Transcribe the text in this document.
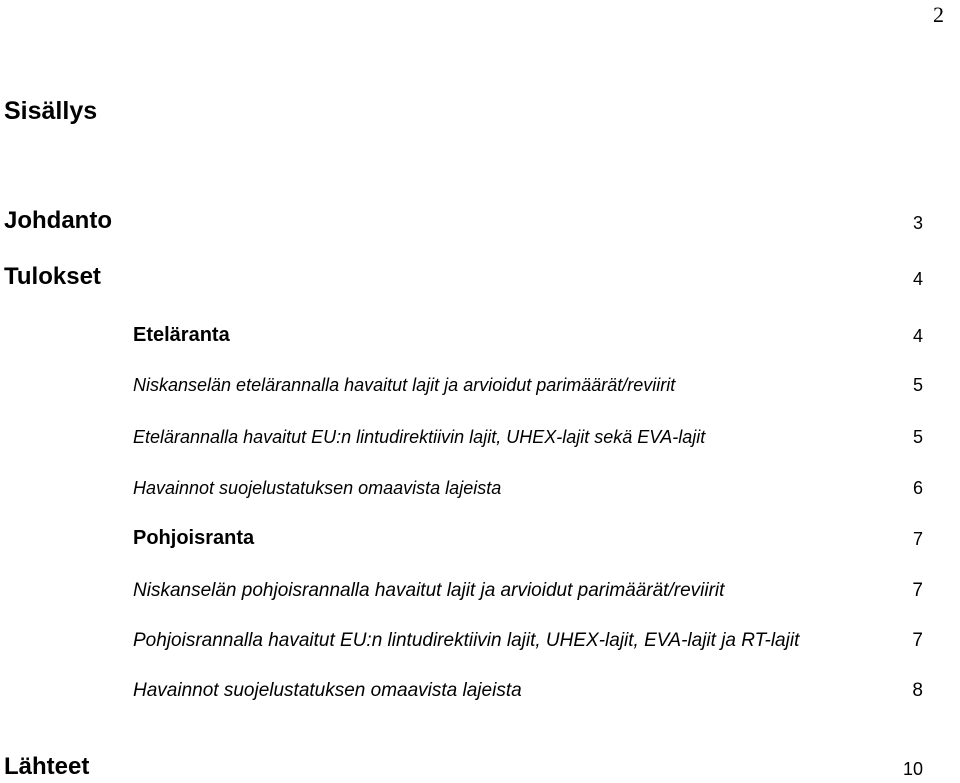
2
Sisällys
Johdanto	3
Tulokset	4
Eteläranta	4
Niskanselän etelärannalla havaitut lajit ja arvioidut parimäärät/reviirit	5
Etelärannalla havaitut EU:n lintudirektiivin lajit, UHEX-lajit sekä EVA-lajit	5
Havainnot suojelustatuksen omaavista lajeista	6
Pohjoisranta	7
Niskanselän pohjoisrannalla havaitut lajit ja arvioidut parimäärät/reviirit	7
Pohjoisrannalla havaitut EU:n lintudirektiivin lajit, UHEX-lajit, EVA-lajit ja RT-lajit	7
Havainnot suojelustatuksen omaavista lajeista	8
Lähteet	10
